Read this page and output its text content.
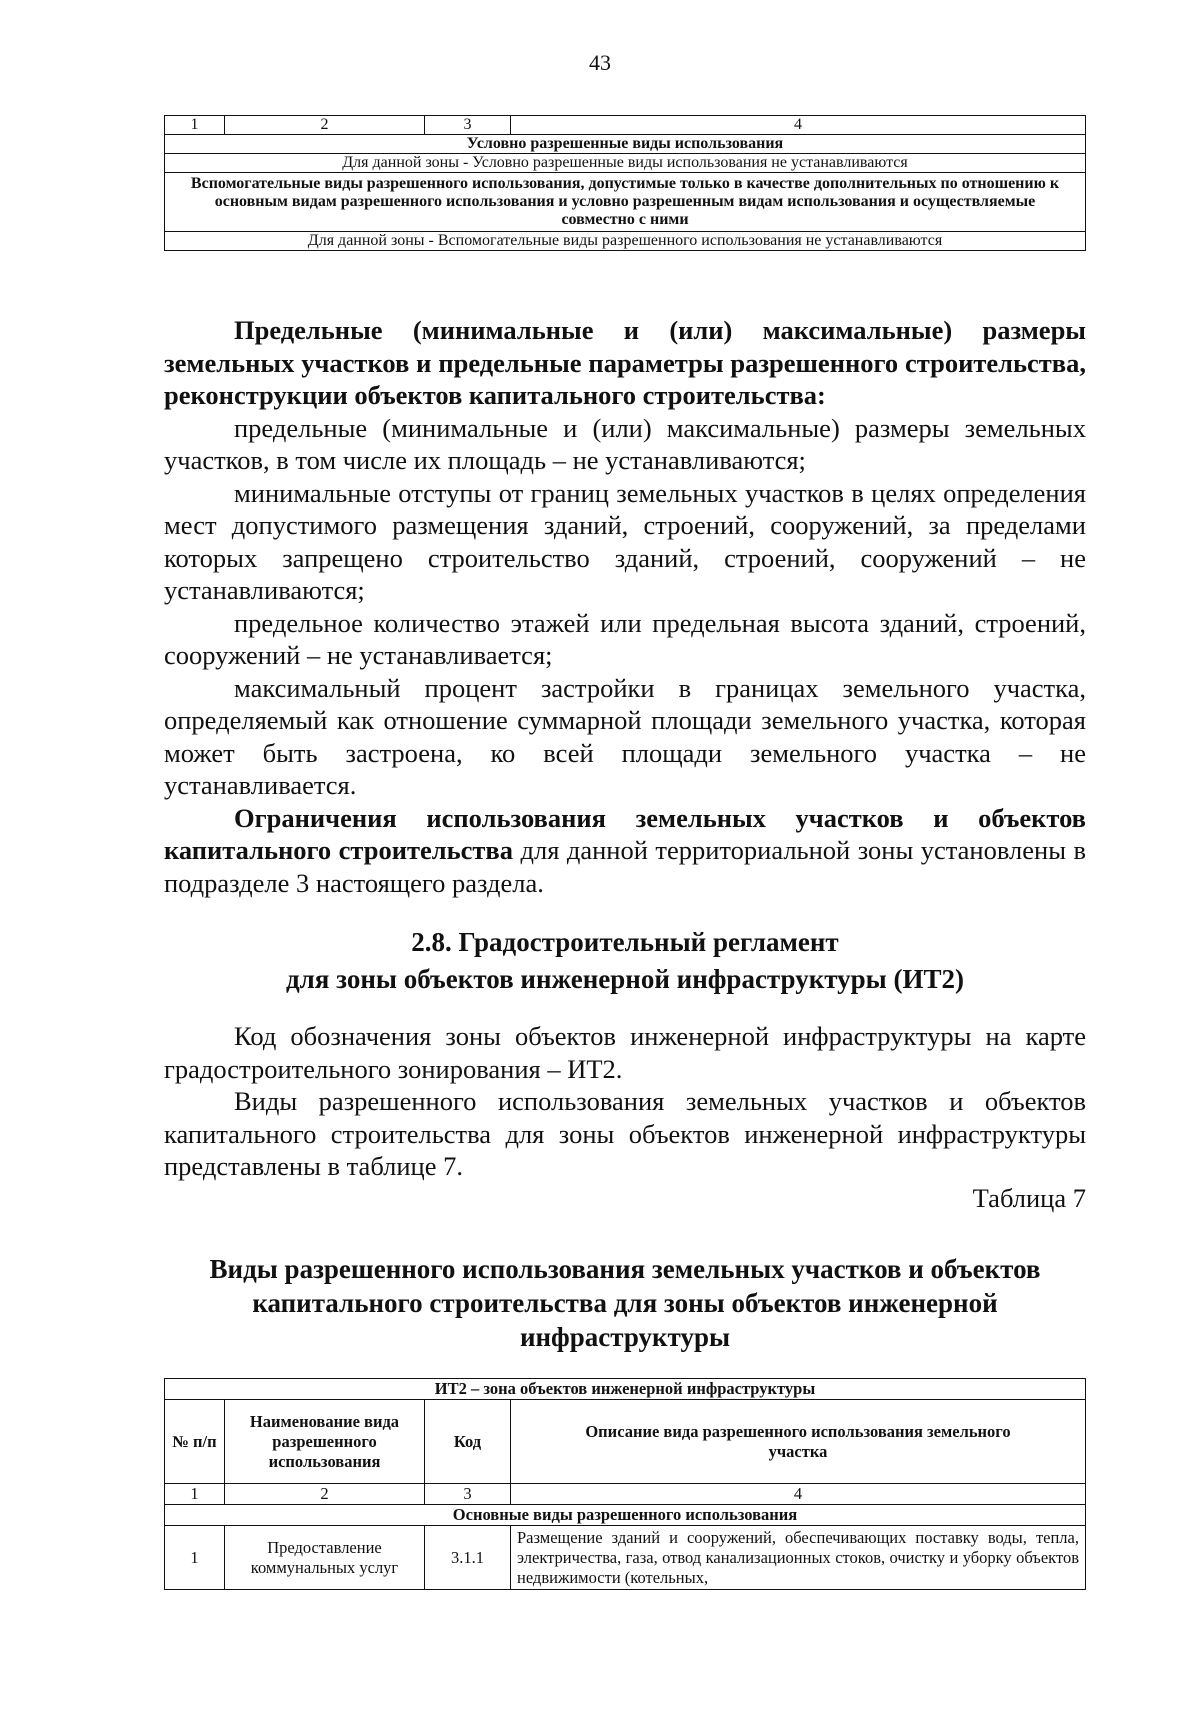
43
1	2	3	4
Условно разрешенные виды использования
Для данной зоны - Условно разрешенные виды использования не устанавливаются
Вспомогательные виды разрешенного использования, допустимые только в качестве дополнительных по отношению к основным видам разрешенного использования и условно разрешенным видам использования и осуществляемые совместно с ними
Для данной зоны - Вспомогательные виды разрешенного использования не устанавливаются

Предельные (минимальные и (или) максимальные) размеры земельных участков и предельные параметры разрешенного строительства, реконструкции объектов капитального строительства:

предельные (минимальные и (или) максимальные) размеры земельных участков, в том числе их площадь – не устанавливаются;

минимальные отступы от границ земельных участков в целях определения мест допустимого размещения зданий, строений, сооружений, за пределами которых запрещено строительство зданий, строений, сооружений – не устанавливаются;

предельное количество этажей или предельная высота зданий, строений, сооружений – не устанавливается;

максимальный процент застройки в границах земельного участка, определяемый как отношение суммарной площади земельного участка, которая может быть застроена, ко всей площади земельного участка – не устанавливается.

Ограничения использования земельных участков и объектов капитального строительства для данной территориальной зоны установлены в подразделе 3 настоящего раздела.

2.8. Градостроительный регламент
для зоны объектов инженерной инфраструктуры (ИТ2)

Код обозначения зоны объектов инженерной инфраструктуры на карте градостроительного зонирования – ИТ2.

Виды разрешенного использования земельных участков и объектов капитального строительства для зоны объектов инженерной инфраструктуры представлены в таблице 7.

Таблица 7
Виды разрешенного использования земельных участков и объектов капитального строительства для зоны объектов инженерной инфраструктуры
ИТ2 – зона объектов инженерной инфраструктуры			
№ п/п	Наименование вида разрешенного использования	Код	Описание вида разрешенного использования земельного участка
1	2	3	4
Основные виды разрешенного использования			
1	Предоставление коммунальных услуг	3.1.1	Размещение зданий и сооружений, обеспечивающих поставку воды, тепла, электричества, газа, отвод канализационных стоков, очистку и уборку объектов недвижимости (котельных,
